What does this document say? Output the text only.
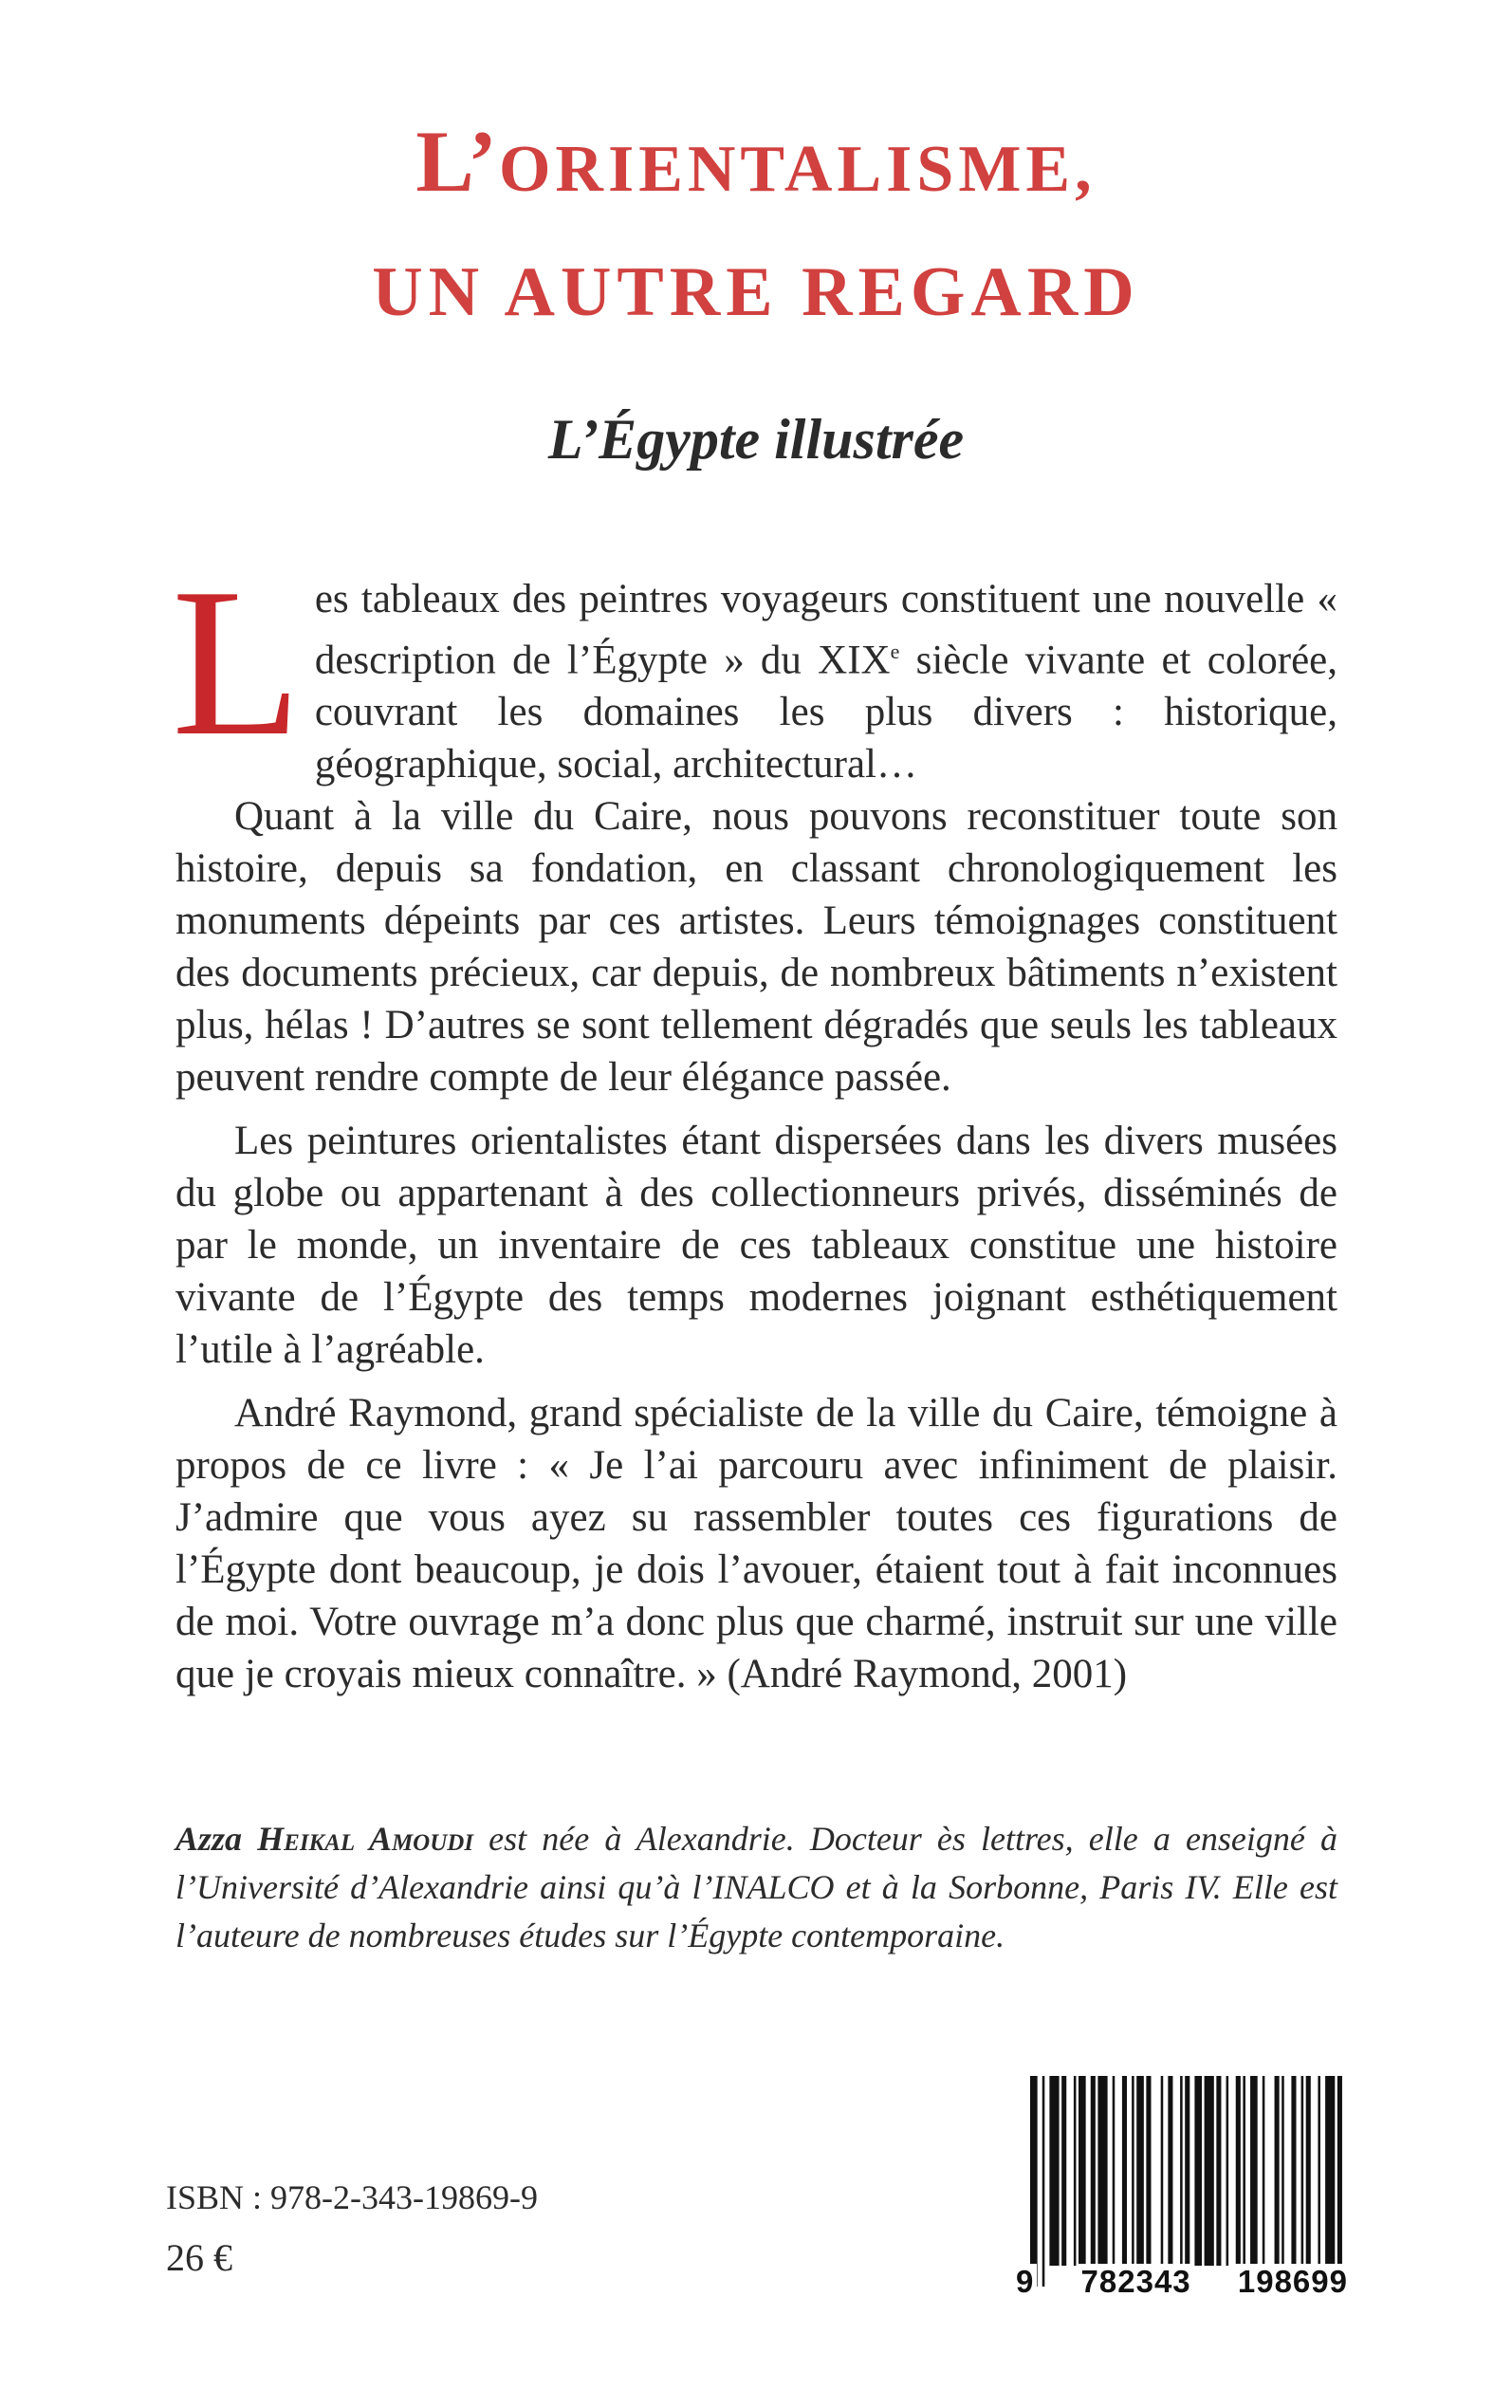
L’ORIENTALISME,
UN AUTRE REGARD
L’Égypte illustrée

Les tableaux des peintres voyageurs constituent une nouvelle « description de l’Égypte » du XIXe siècle vivante et colorée, couvrant les domaines les plus divers : historique, géographique, social, architectural…

Quant à la ville du Caire, nous pouvons reconstituer toute son histoire, depuis sa fondation, en classant chronologiquement les monuments dépeints par ces artistes. Leurs témoignages constituent des documents précieux, car depuis, de nombreux bâtiments n’existent plus, hélas ! D’autres se sont tellement dégradés que seuls les tableaux peuvent rendre compte de leur élégance passée.

Les peintures orientalistes étant dispersées dans les divers musées du globe ou appartenant à des collectionneurs privés, disséminés de par le monde, un inventaire de ces tableaux constitue une histoire vivante de l’Égypte des temps modernes joignant esthétiquement l’utile à l’agréable.

André Raymond, grand spécialiste de la ville du Caire, témoigne à propos de ce livre : « Je l’ai parcouru avec infiniment de plaisir. J’admire que vous ayez su rassembler toutes ces figurations de l’Égypte dont beaucoup, je dois l’avouer, étaient tout à fait inconnues de moi. Votre ouvrage m’a donc plus que charmé, instruit sur une ville que je croyais mieux connaître. » (André Raymond, 2001)

Azza Heikal Amoudi est née à Alexandrie. Docteur ès lettres, elle a enseigné à l’Université d’Alexandrie ainsi qu’à l’INALCO et à la Sorbonne, Paris IV. Elle est l’auteure de nombreuses études sur l’Égypte contemporaine.

ISBN : 978-2-343-19869-9

26 €

9 782343 198699
